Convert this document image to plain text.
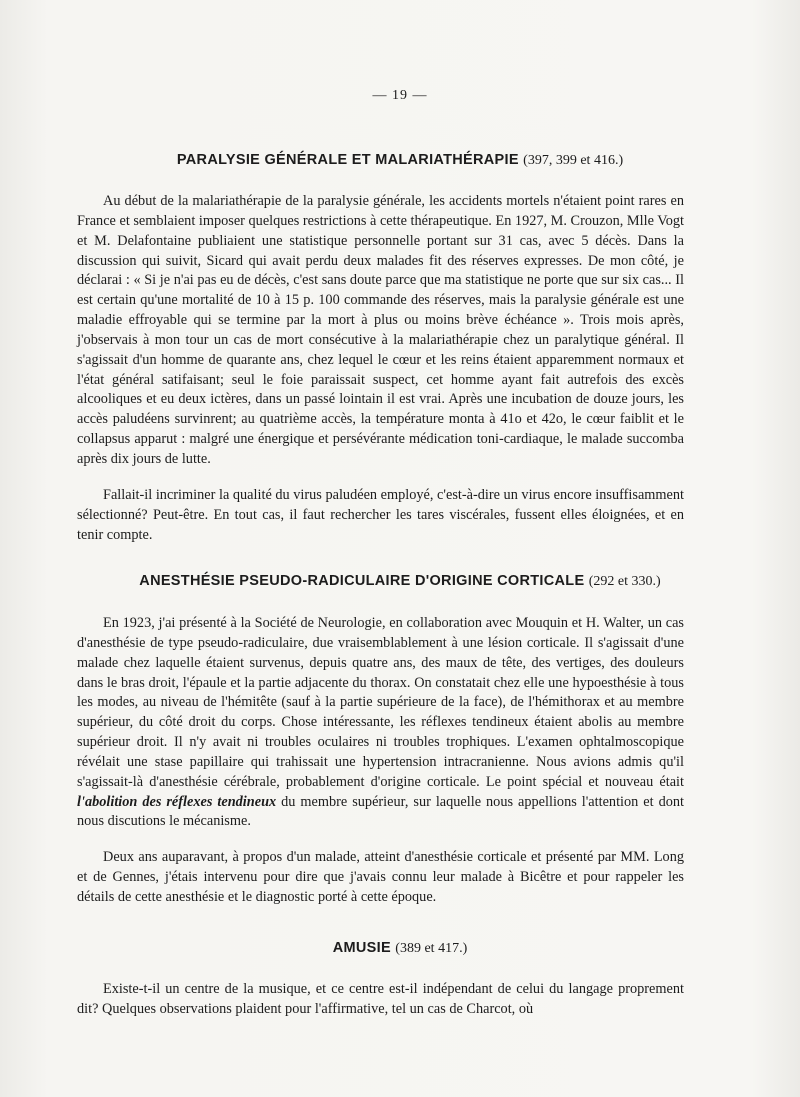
— 19 —
PARALYSIE GÉNÉRALE ET MALARIATHÉRAPIE (397, 399 et 416.)

Au début de la malariathérapie de la paralysie générale, les accidents mortels n'étaient point rares en France et semblaient imposer quelques restrictions à cette thérapeutique. En 1927, M. Crouzon, Mlle Vogt et M. Delafontaine publiaient une statistique personnelle portant sur 31 cas, avec 5 décès. Dans la discussion qui suivit, Sicard qui avait perdu deux malades fit des réserves expresses. De mon côté, je déclarai : « Si je n'ai pas eu de décès, c'est sans doute parce que ma statistique ne porte que sur six cas... Il est certain qu'une mortalité de 10 à 15 p. 100 commande des réserves, mais la paralysie générale est une maladie effroyable qui se termine par la mort à plus ou moins brève échéance ». Trois mois après, j'observais à mon tour un cas de mort consécutive à la malariathérapie chez un paralytique général. Il s'agissait d'un homme de quarante ans, chez lequel le cœur et les reins étaient apparemment normaux et l'état général satifaisant; seul le foie paraissait suspect, cet homme ayant fait autrefois des excès alcooliques et eu deux ictères, dans un passé lointain il est vrai. Après une incubation de douze jours, les accès paludéens survinrent; au quatrième accès, la température monta à 41o et 42o, le cœur faiblit et le collapsus apparut : malgré une énergique et persévérante médication toni-cardiaque, le malade succomba après dix jours de lutte.

Fallait-il incriminer la qualité du virus paludéen employé, c'est-à-dire un virus encore insuffisamment sélectionné? Peut-être. En tout cas, il faut rechercher les tares viscérales, fussent elles éloignées, et en tenir compte.

ANESTHÉSIE PSEUDO-RADICULAIRE D'ORIGINE CORTICALE (292 et 330.)

En 1923, j'ai présenté à la Société de Neurologie, en collaboration avec Mouquin et H. Walter, un cas d'anesthésie de type pseudo-radiculaire, due vraisemblablement à une lésion corticale. Il s'agissait d'une malade chez laquelle étaient survenus, depuis quatre ans, des maux de tête, des vertiges, des douleurs dans le bras droit, l'épaule et la partie adjacente du thorax. On constatait chez elle une hypoesthésie à tous les modes, au niveau de l'hémitête (sauf à la partie supérieure de la face), de l'hémithorax et au membre supérieur, du côté droit du corps. Chose intéressante, les réflexes tendineux étaient abolis au membre supérieur droit. Il n'y avait ni troubles oculaires ni troubles trophiques. L'examen ophtalmoscopique révélait une stase papillaire qui trahissait une hypertension intracranienne. Nous avions admis qu'il s'agissait-là d'anesthésie cérébrale, probablement d'origine corticale. Le point spécial et nouveau était l'abolition des réflexes tendineux du membre supérieur, sur laquelle nous appellions l'attention et dont nous discutions le mécanisme.

Deux ans auparavant, à propos d'un malade, atteint d'anesthésie corticale et présenté par MM. Long et de Gennes, j'étais intervenu pour dire que j'avais connu leur malade à Bicêtre et pour rappeler les détails de cette anesthésie et le diagnostic porté à cette époque.

AMUSIE (389 et 417.)

Existe-t-il un centre de la musique, et ce centre est-il indépendant de celui du langage proprement dit? Quelques observations plaident pour l'affirmative, tel un cas de Charcot, où
